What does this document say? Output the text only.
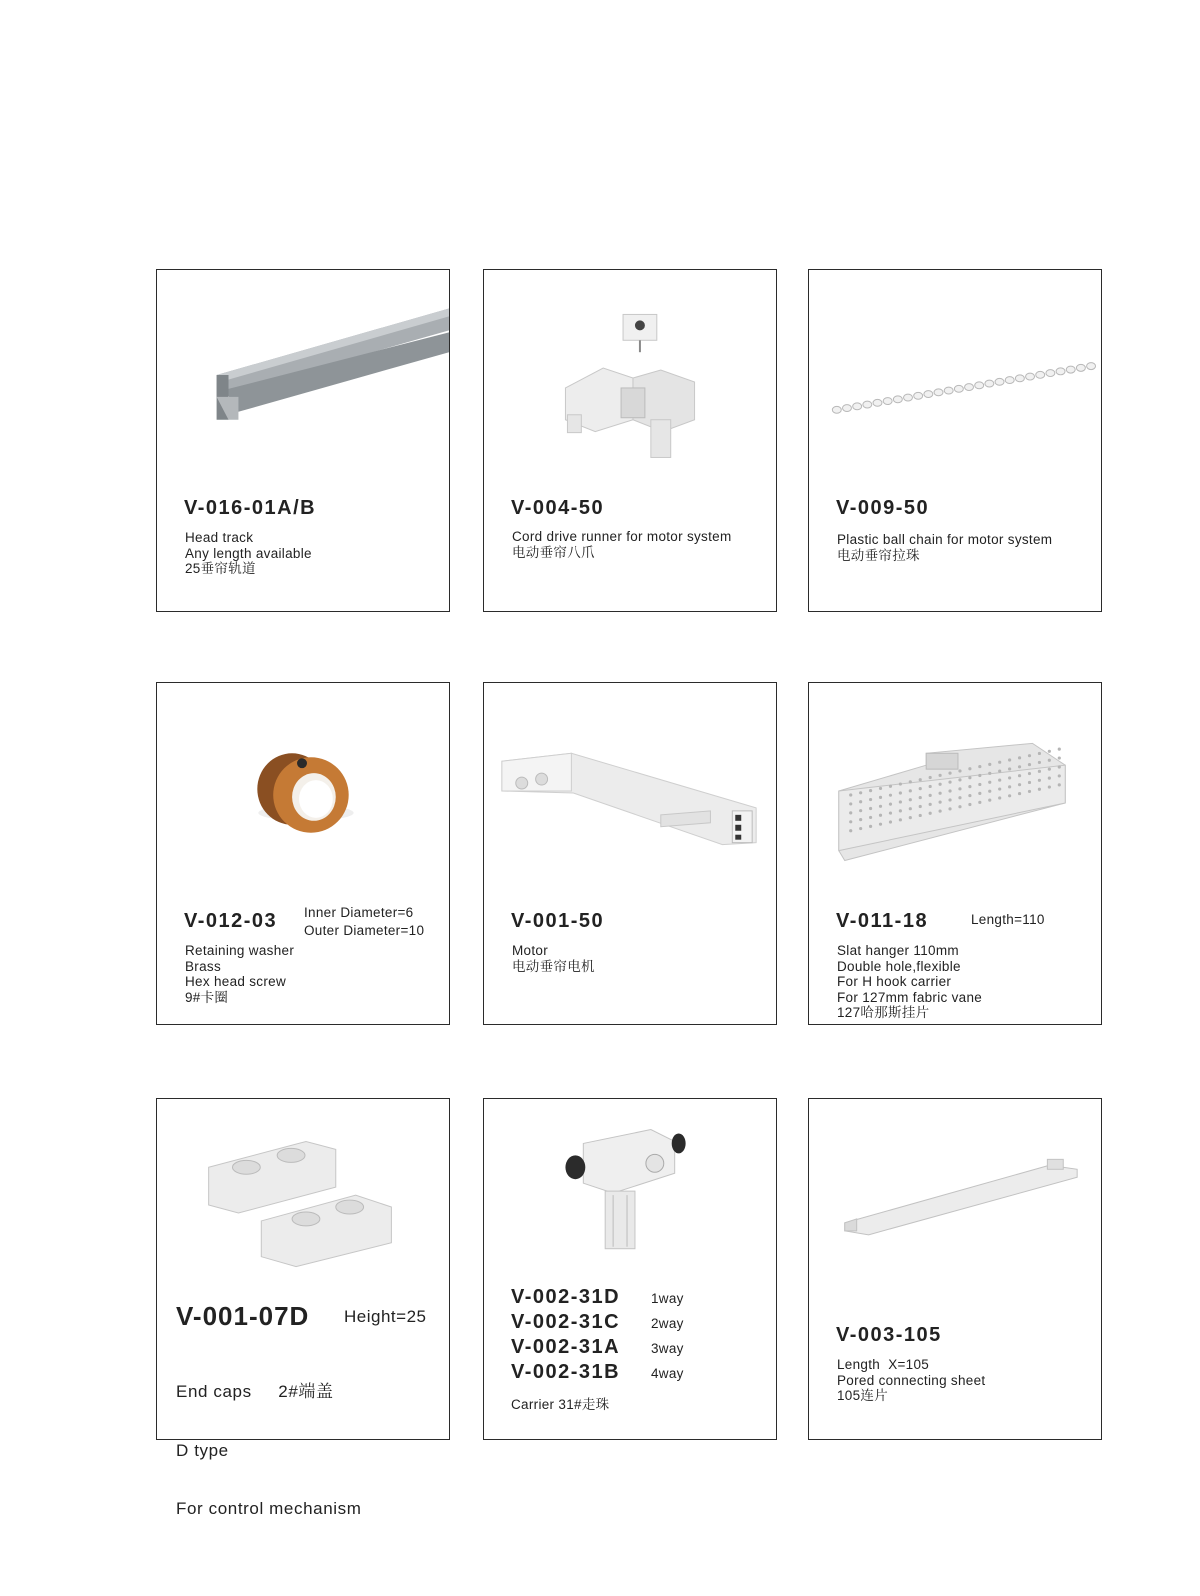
V-016-01A/B
Head track
Any length available
25垂帘轨道
V-004-50
Cord drive runner for motor system
电动垂帘八爪
V-009-50
Plastic ball chain for motor system
电动垂帘拉珠
V-012-03 Inner Diameter=6
Outer Diameter=10
Retaining washer
Brass
Hex head screw
9#卡圈
V-001-50
Motor
电动垂帘电机
V-011-18	Length=110
Slat hanger 110mm
Double hole,flexible
For H hook carrier
For 127mm fabric vane
127哈那斯挂片
V-001-07D Height=25

End caps     2#端盖

D type

For control mechanism

V-002-31D 1way
V-002-31C 2way
V-002-31A 3way
V-002-31B 4way
Carrier 31#走珠
V-003-105
Length  X=105
Pored connecting sheet
105连片
